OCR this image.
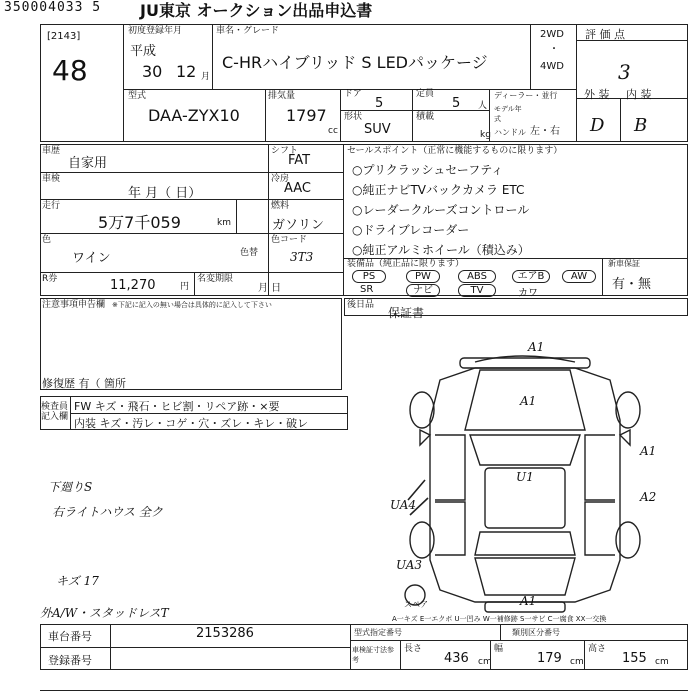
350004033 5 JU東京 オークション出品申込書
[2143]
48
初度登録年月
平成
30 12 月
車名・グレード
C-HRハイブリッド S LEDパッケージ
2WD
・
4WD
評 価 点
3
外 装 内 装
D B
型式
DAA-ZYX10
排気量
1797
cc
ドア
5
定員
5 人
形状
SUV
積載
kg
ディーラー・並行
モデル年式
ハンドル 左・右
車歴
自家用
シフト
FAT
車検
年 月（ 日）
冷房
AAC
走行
5万7千059	km
燃料
ガソリン
色
ワイン	色替
色コード
3T3
R券	11,270	円
名変期限
月 日
セールスポイント（正常に機能するものに限ります）
○プリクラッシュセーフティ
○純正ナビTVバックカメラ ETC
○レーダークルーズコントロール
○ドライブレコーダー
○純正アルミホイール（積込み）
装備品（純正品に限ります）	新車保証
有・無
PS	PW	ABS	エアB	AW
SR	ナビ	TV	カワ
注意事項申告欄 ※下記に記入の無い場合は具体的に記入して下さい
修復歴 有（ 箇所
後日品
保証書
検査員記入欄
FW キズ・飛石・ヒビ割・リペア跡・×要
内装 キズ・汚レ・コゲ・穴・ズレ・キレ・破レ
下廻りS
右ライトハウス 全ク
キズ 17
外A/W・スタッドレスT
A1
A1
U1
A1
A2
A1
UA4
UA3
スペア
A一キズ E一エクボ U一凹み W一補修跡 S一サビ C一腐食 XX一交換
車台番号	2153286
登録番号
型式指定番号	類別区分番号
車検証寸法参考
長さ
436 cm
幅
179 cm
高さ
155 cm
